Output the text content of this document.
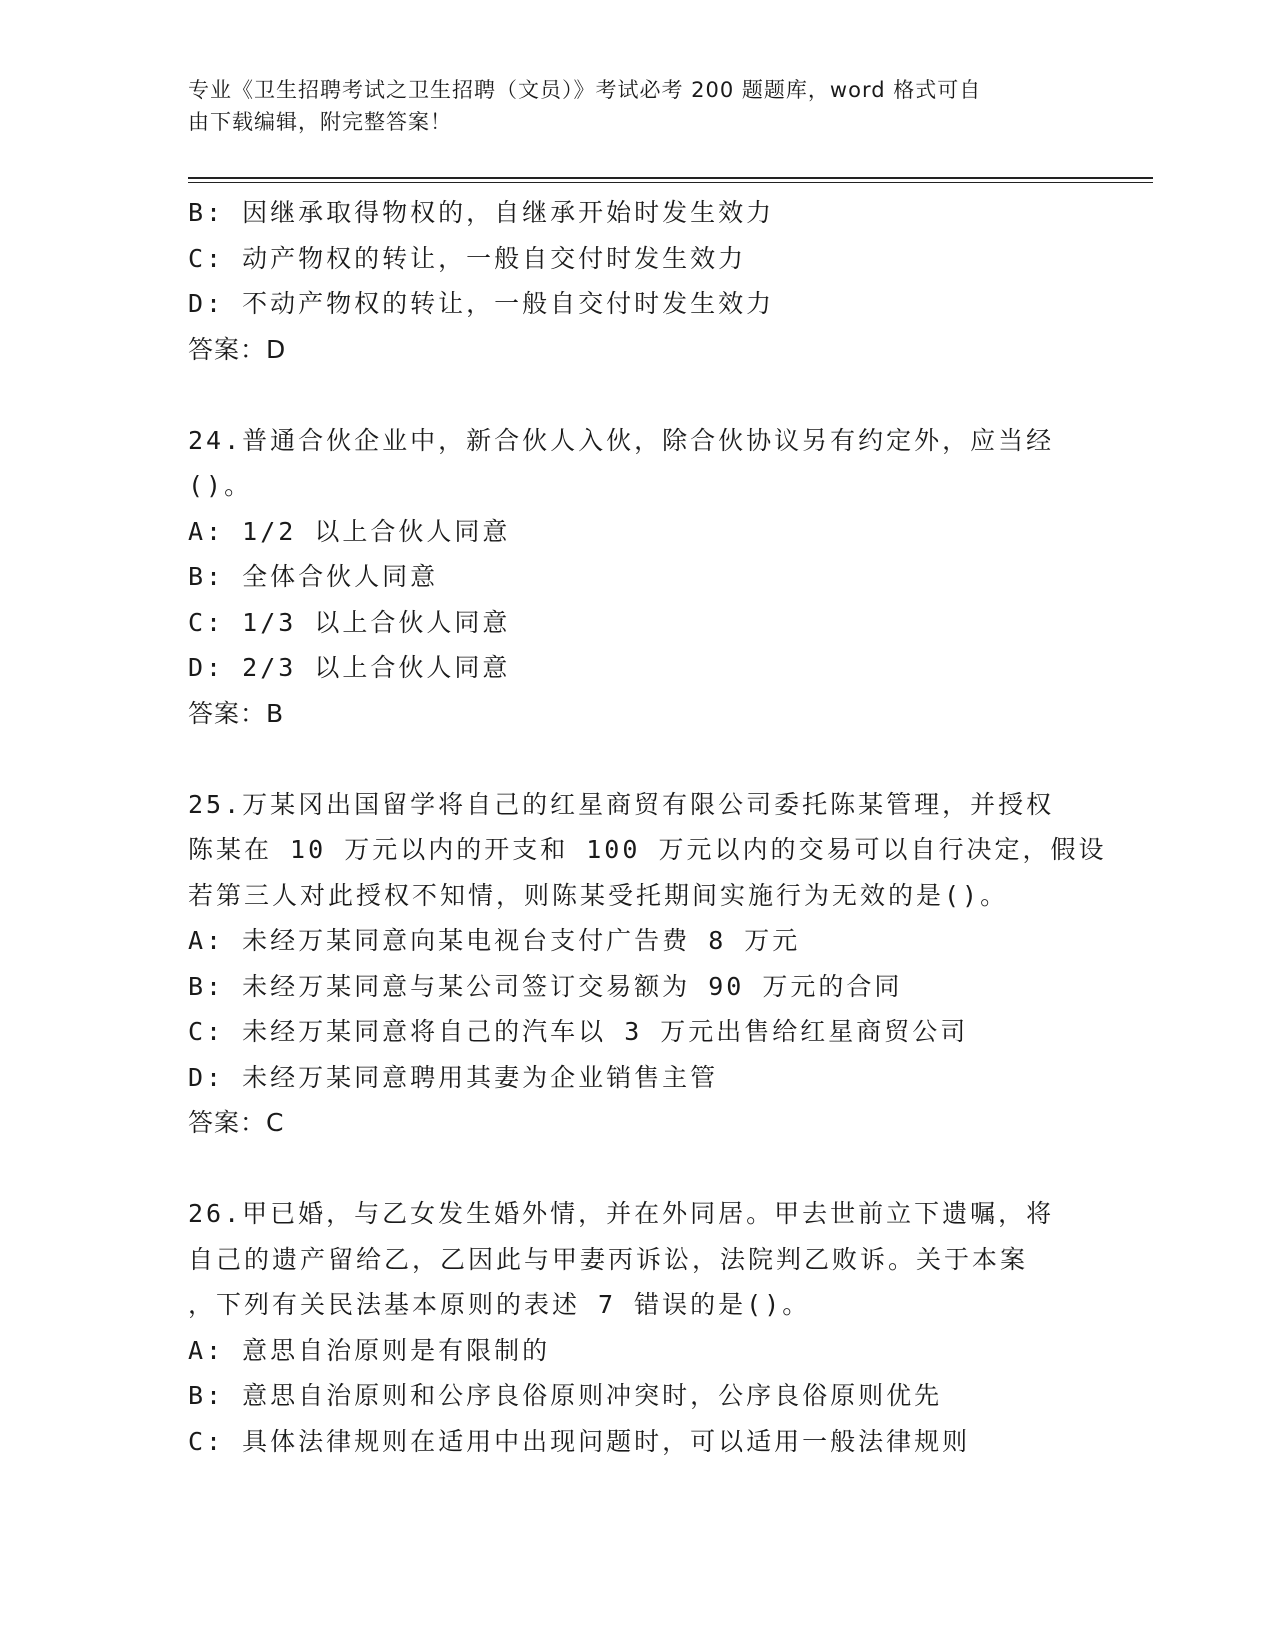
专业《卫生招聘考试之卫生招聘（文员）》考试必考 200 题题库，word 格式可自
由下载编辑，附完整答案！
B: 因继承取得物权的，自继承开始时发生效力
C: 动产物权的转让，一般自交付时发生效力
D: 不动产物权的转让，一般自交付时发生效力
答案：D
24.普通合伙企业中，新合伙人入伙，除合伙协议另有约定外，应当经
()。
A: 1/2 以上合伙人同意
B: 全体合伙人同意
C: 1/3 以上合伙人同意
D: 2/3 以上合伙人同意
答案：B
25.万某冈出国留学将自己的红星商贸有限公司委托陈某管理，并授权
陈某在 10 万元以内的开支和 100 万元以内的交易可以自行决定，假设
若第三人对此授权不知情，则陈某受托期间实施行为无效的是()。
A: 未经万某同意向某电视台支付广告费 8 万元
B: 未经万某同意与某公司签订交易额为 90 万元的合同
C: 未经万某同意将自己的汽车以 3 万元出售给红星商贸公司
D: 未经万某同意聘用其妻为企业销售主管
答案：C
26.甲已婚，与乙女发生婚外情，并在外同居。甲去世前立下遗嘱，将
自己的遗产留给乙，乙因此与甲妻丙诉讼，法院判乙败诉。关于本案
，下列有关民法基本原则的表述 7 错误的是()。
A: 意思自治原则是有限制的
B: 意思自治原则和公序良俗原则冲突时，公序良俗原则优先
C: 具体法律规则在适用中出现问题时，可以适用一般法律规则
